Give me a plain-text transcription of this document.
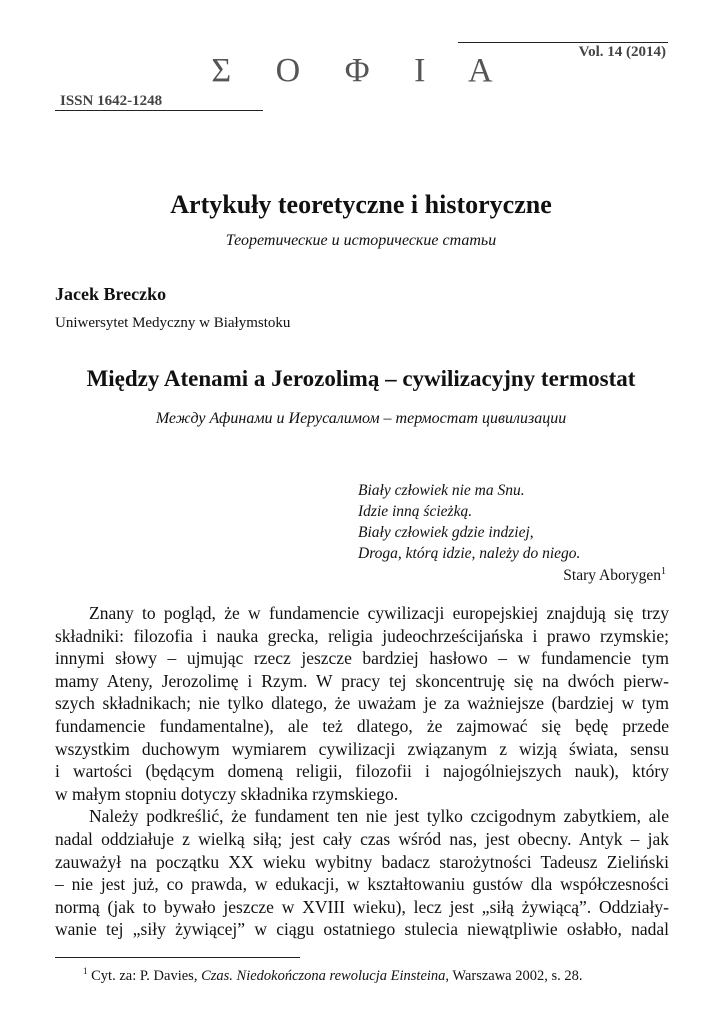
Vol. 14 (2014)
Σ Ο Φ Ι Α
ISSN 1642-1248
Artykuły teoretyczne i historyczne
Теоретические и исторические статьи
Jacek Breczko
Uniwersytet Medyczny w Białymstoku
Między Atenami a Jerozolimą – cywilizacyjny termostat
Между Афинами и Иерусалимом – термостат цивилизации
Biały człowiek nie ma Snu.
Idzie inną ścieżką.
Biały człowiek gdzie indziej,
Droga, którą idzie, należy do niego.
Stary Aborygen$^1$
Znany to pogląd, że w fundamencie cywilizacji europejskiej znajdują się trzy
składniki: filozofia i nauka grecka, religia judeochrześcijańska i prawo rzymskie;
innymi słowy – ujmując rzecz jeszcze bardziej hasłowo – w fundamencie tym
mamy Ateny, Jerozolimę i Rzym. W pracy tej skoncentruję się na dwóch pierw-
szych składnikach; nie tylko dlatego, że uważam je za ważniejsze (bardziej w tym
fundamencie fundamentalne), ale też dlatego, że zajmować się będę przede
wszystkim duchowym wymiarem cywilizacji związanym z wizją świata, sensu
i wartości (będącym domeną religii, filozofii i najogólniejszych nauk), który
w małym stopniu dotyczy składnika rzymskiego.
Należy podkreślić, że fundament ten nie jest tylko czcigodnym zabytkiem, ale
nadal oddziałuje z wielką siłą; jest cały czas wśród nas, jest obecny. Antyk – jak
zauważył na początku XX wieku wybitny badacz starożytności Tadeusz Zieliński
– nie jest już, co prawda, w edukacji, w kształtowaniu gustów dla współczesności
normą (jak to bywało jeszcze w XVIII wieku), lecz jest „siłą żywiącą”. Oddziały-
wanie tej „siły żywiącej” w ciągu ostatniego stulecia niewątpliwie osłabło, nadal
$^1$ Cyt. za: P. Davies, Czas. Niedokończona rewolucja Einsteina, Warszawa 2002, s. 28.
